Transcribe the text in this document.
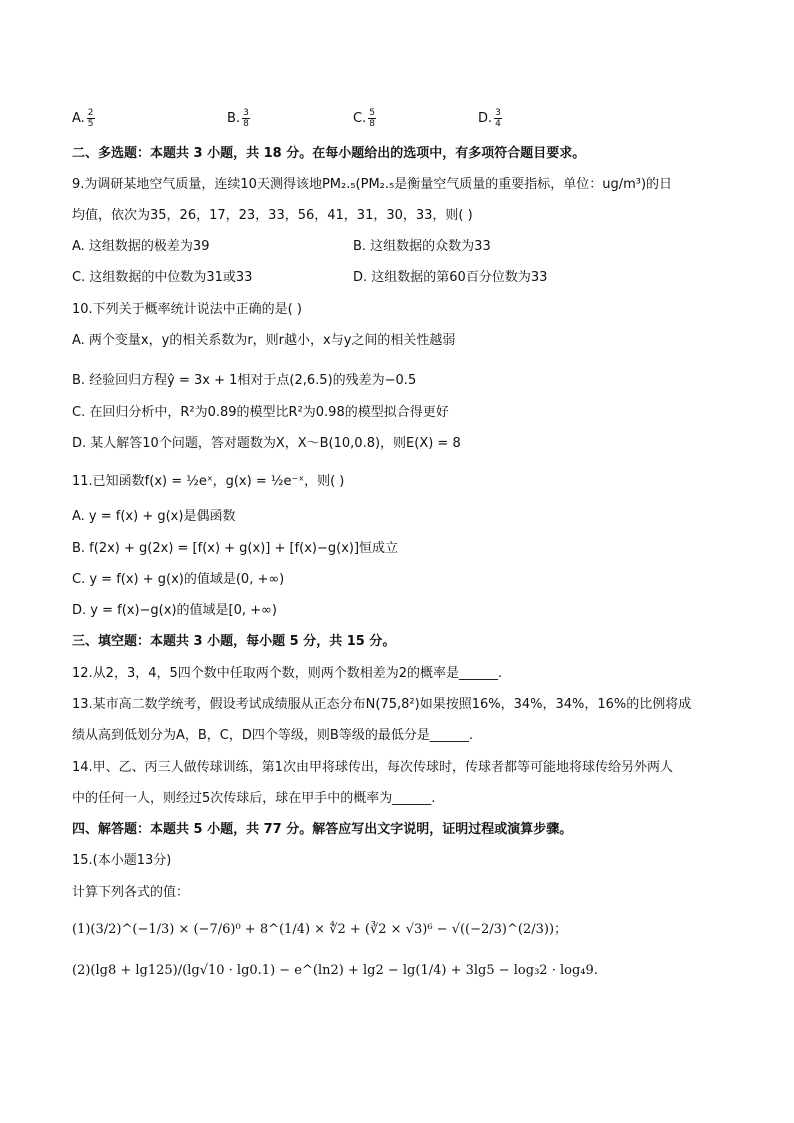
A. $\frac{2}{5}$	B. $\frac{3}{8}$	C. $\frac{5}{8}$	D. $\frac{3}{4}$
二、多选题：本题共 3 小题，共 18 分。在每小题给出的选项中，有多项符合题目要求。
9.为调研某地空气质量，连续10天测得该地PM₂.₅(PM₂.₅是衡量空气质量的重要指标，单位：ug/m³)的日
均值，依次为35，26，17，23，33，56，41，31，30，33，则( )
A. 这组数据的极差为39	B. 这组数据的众数为33
C. 这组数据的中位数为31或33	D. 这组数据的第60百分位数为33
10.下列关于概率统计说法中正确的是( )
A. 两个变量x，y的相关系数为r，则r越小，x与y之间的相关性越弱
B. 经验回归方程ŷ = 3x + 1相对于点(2,6.5)的残差为−0.5
C. 在回归分析中，R²为0.89的模型比R²为0.98的模型拟合得更好
D. 某人解答10个问题，答对题数为X，X～B(10,0.8)，则E(X) = 8
11.已知函数f(x) = ½eˣ，g(x) = ½e⁻ˣ，则( )
A. y = f(x) + g(x)是偶函数
B. f(2x) + g(2x) = [f(x) + g(x)] + [f(x)−g(x)]恒成立
C. y = f(x) + g(x)的值域是(0, +∞)
D. y = f(x)−g(x)的值域是[0, +∞)
三、填空题：本题共 3 小题，每小题 5 分，共 15 分。
12.从2，3，4，5四个数中任取两个数，则两个数相差为2的概率是______.
13.某市高二数学统考，假设考试成绩服从正态分布N(75,8²)如果按照16%，34%，34%，16%的比例将成
绩从高到低划分为A，B，C，D四个等级，则B等级的最低分是______.
14.甲、乙、丙三人做传球训练，第1次由甲将球传出，每次传球时，传球者都等可能地将球传给另外两人
中的任何一人，则经过5次传球后，球在甲手中的概率为______.
四、解答题：本题共 5 小题，共 77 分。解答应写出文字说明，证明过程或演算步骤。
15.(本小题13分)
计算下列各式的值：
(1)(3/2)^(−1/3) × (−7/6)⁰ + 8^(1/4) × ∜2 + (∛2 × √3)⁶ − √((−2/3)^(2/3))；
(2)(lg8 + lg125)/(lg√10 · lg0.1) − e^(ln2) + lg2 − lg(1/4) + 3lg5 − log₃2 · log₄9.
